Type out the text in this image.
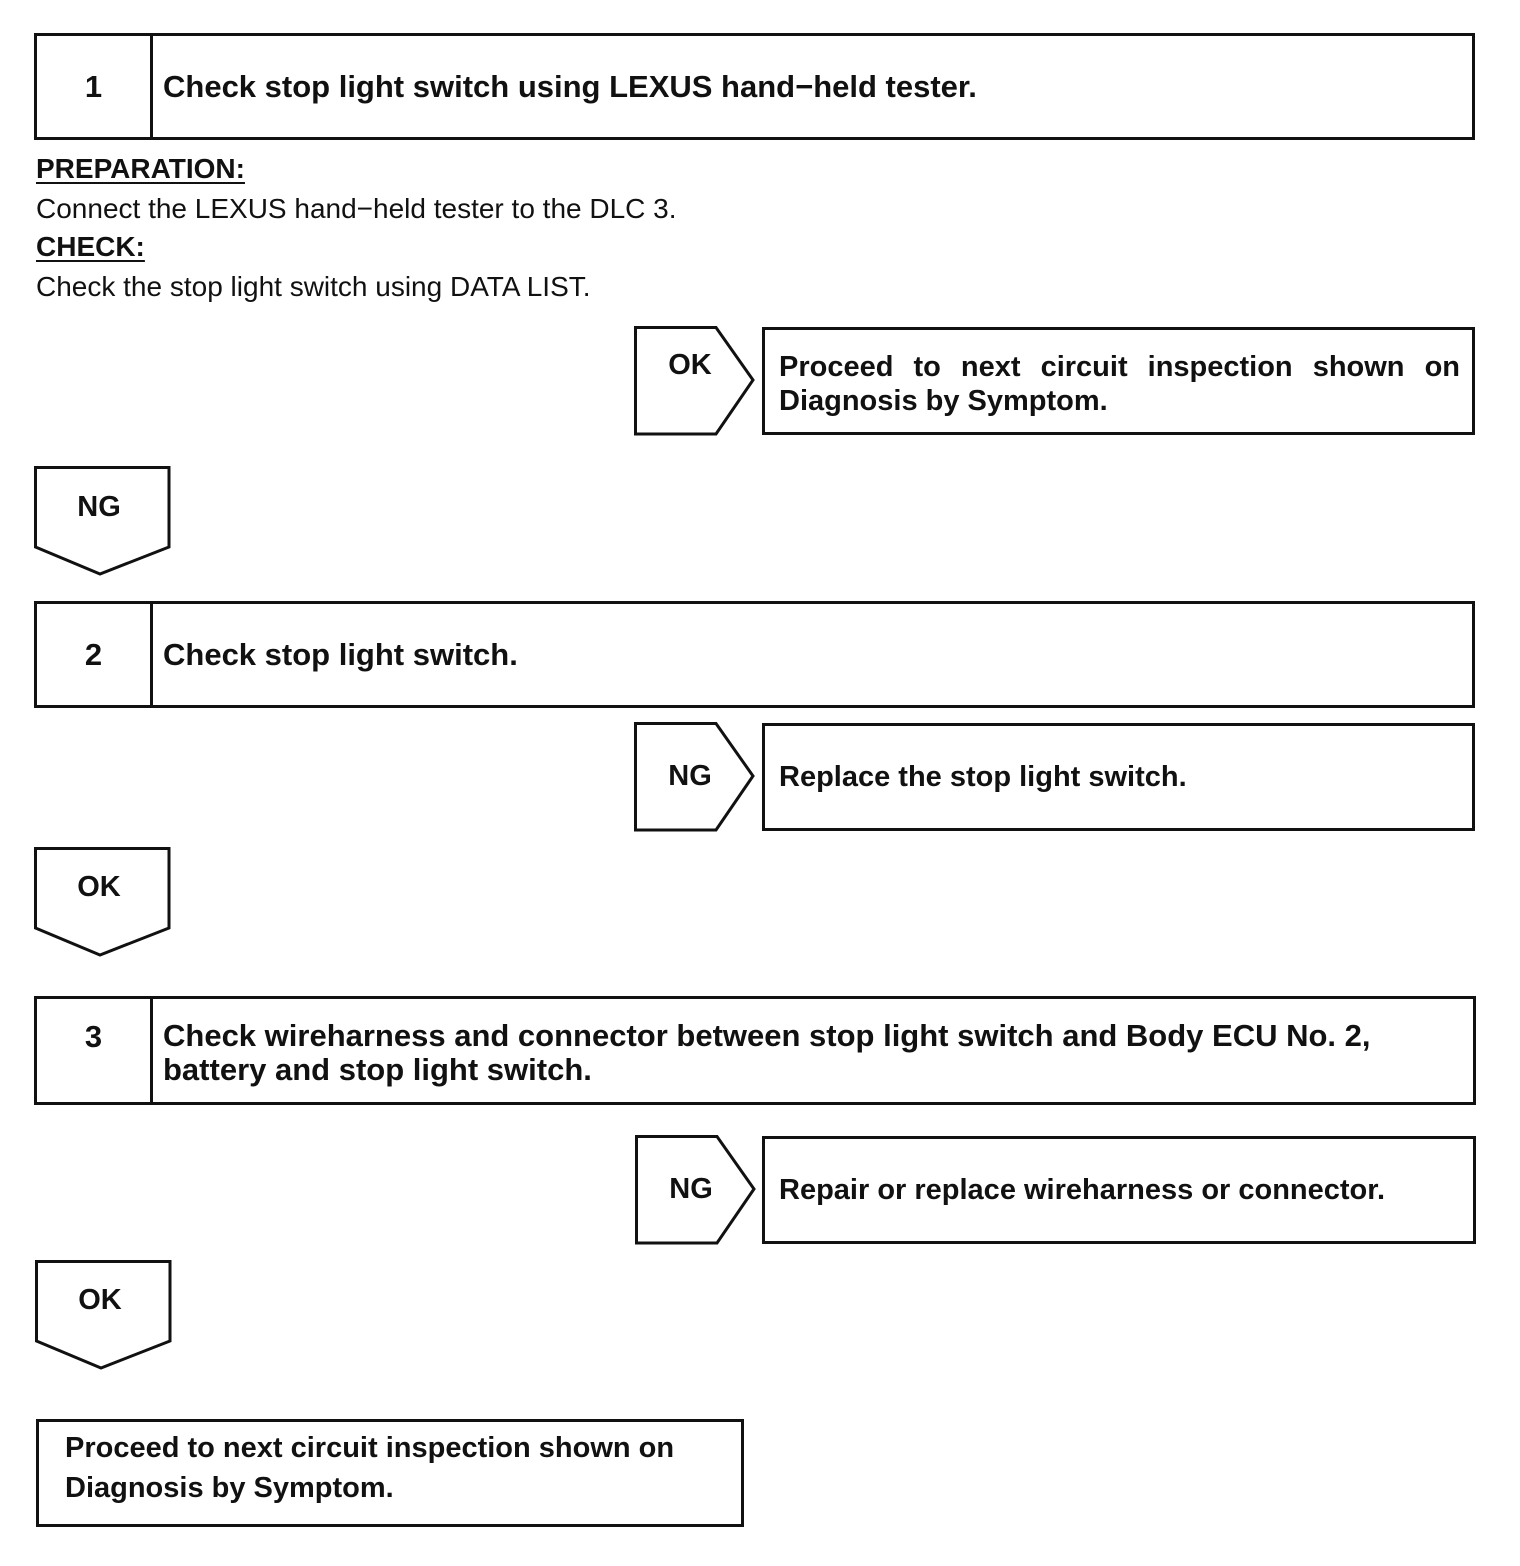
1	Check stop light switch using LEXUS hand−held tester.
PREPARATION:
Connect the LEXUS hand−held tester to the DLC 3.
CHECK:
Check the stop light switch using DATA LIST.
OK	Proceed to next circuit inspection shown on Diagnosis by Symptom.
NG
2	Check stop light switch.
NG	Replace the stop light switch.
OK
3	Check wireharness and connector between stop light switch and Body ECU No. 2, battery and stop light switch.
NG	Repair or replace wireharness or connector.
OK
Proceed to next circuit inspection shown on Diagnosis by Symptom.
